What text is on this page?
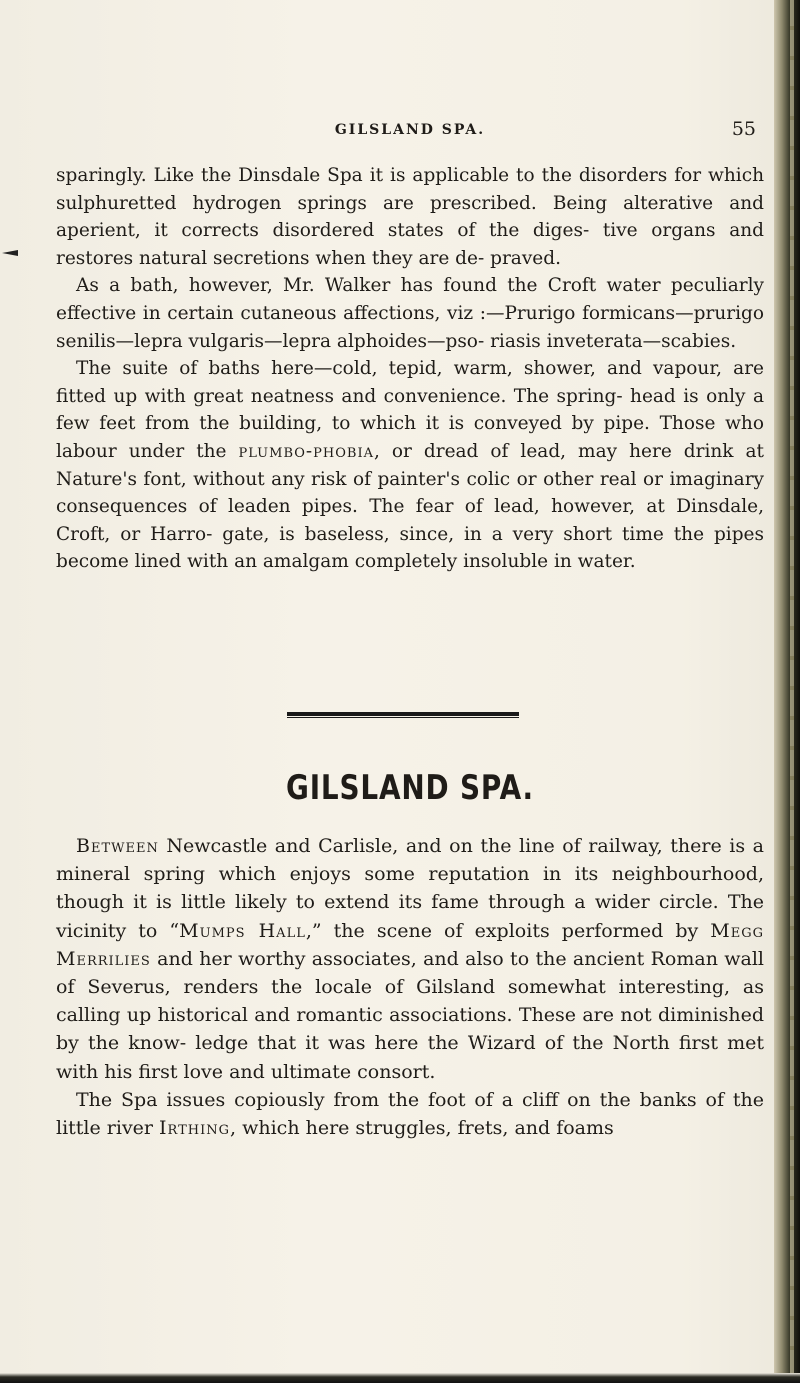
GILSLAND SPA.	55

sparingly. Like the Dinsdale Spa it is applicable to the disorders for which sulphuretted hydrogen springs are prescribed. Being alterative and aperient, it corrects disordered states of the diges- tive organs and restores natural secretions when they are de- praved.

As a bath, however, Mr. Walker has found the Croft water peculiarly effective in certain cutaneous affections, viz :—Prurigo formicans—prurigo senilis—lepra vulgaris—lepra alphoides—pso- riasis inveterata—scabies.

The suite of baths here—cold, tepid, warm, shower, and vapour, are fitted up with great neatness and convenience. The spring- head is only a few feet from the building, to which it is conveyed by pipe. Those who labour under the plumbo-phobia, or dread of lead, may here drink at Nature's font, without any risk of painter's colic or other real or imaginary consequences of leaden pipes. The fear of lead, however, at Dinsdale, Croft, or Harro- gate, is baseless, since, in a very short time the pipes become lined with an amalgam completely insoluble in water.

GILSLAND SPA.

Between Newcastle and Carlisle, and on the line of railway, there is a mineral spring which enjoys some reputation in its neighbourhood, though it is little likely to extend its fame through a wider circle. The vicinity to “Mumps Hall,” the scene of exploits performed by Megg Merrilies and her worthy associates, and also to the ancient Roman wall of Severus, renders the locale of Gilsland somewhat interesting, as calling up historical and romantic associations. These are not diminished by the know- ledge that it was here the Wizard of the North first met with his first love and ultimate consort.

The Spa issues copiously from the foot of a cliff on the banks of the little river Irthing, which here struggles, frets, and foams
